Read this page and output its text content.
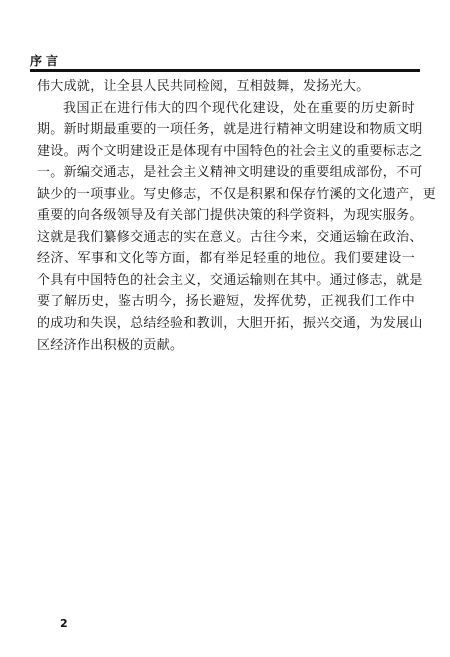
序言
伟大成就，让全县人民共同检阅，互相鼓舞，发扬光大。
我国正在进行伟大的四个现代化建设，处在重要的历史新时
期。新时期最重要的一项任务，就是进行精神文明建设和物质文明
建设。两个文明建设正是体现有中国特色的社会主义的重要标志之
一。新编交通志，是社会主义精神文明建设的重要组成部份，不可
缺少的一项事业。写史修志，不仅是积累和保存竹溪的文化遗产，更
重要的向各级领导及有关部门提供决策的科学资料，为现实服务。
这就是我们纂修交通志的实在意义。古往今来，交通运输在政治、
经济、军事和文化等方面，都有举足轻重的地位。我们要建设一
个具有中国特色的社会主义，交通运输则在其中。通过修志，就是
要了解历史，鉴古明今，扬长避短，发挥优势，正视我们工作中
的成功和失误，总结经验和教训，大胆开拓，振兴交通，为发展山
区经济作出积极的贡献。
2
